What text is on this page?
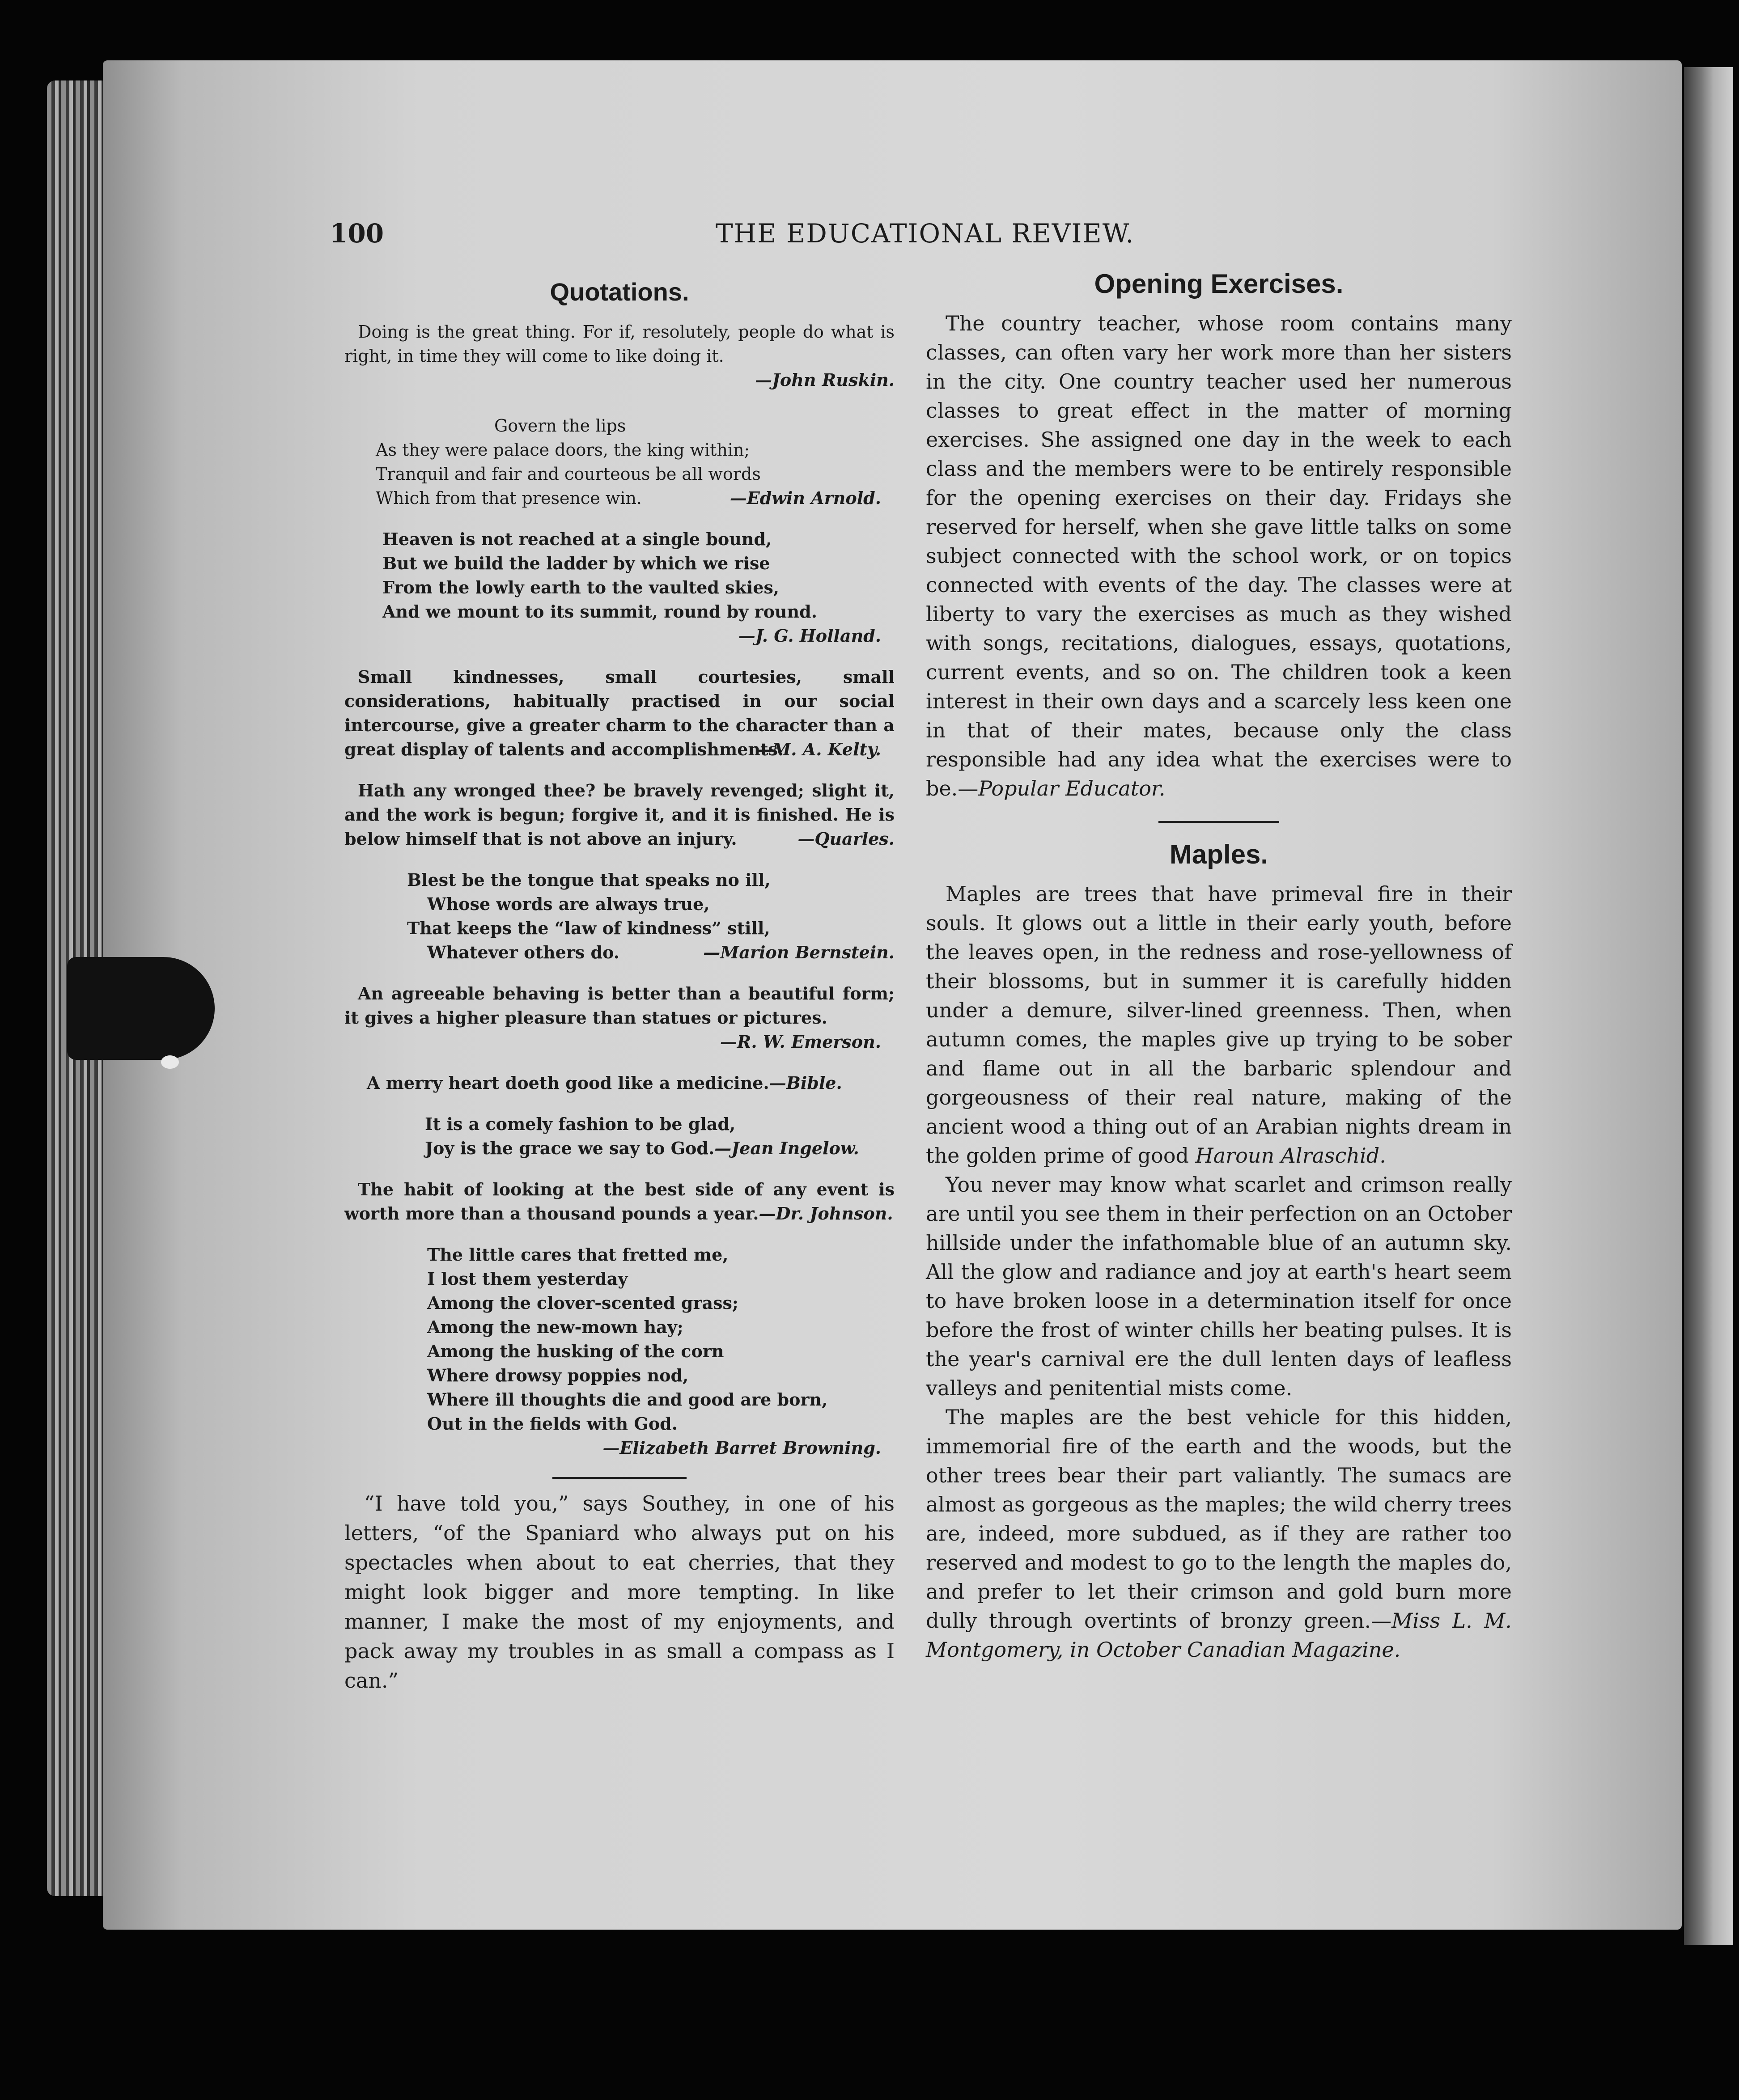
100	THE EDUCATIONAL REVIEW.
Quotations.

Doing is the great thing. For if, resolutely, people do what is right, in time they will come to like doing it.

—John Ruskin.
Govern the lips
As they were palace doors, the king within;
Tranquil and fair and courteous be all words
Which from that presence win.	—Edwin Arnold.
Heaven is not reached at a single bound,
But we build the ladder by which we rise
From the lowly earth to the vaulted skies,
And we mount to its summit, round by round.
—J. G. Holland.

Small kindnesses, small courtesies, small considerations, habitually practised in our social intercourse, give a greater charm to the character than a great display of talents and accomplishments.

—M. A. Kelty.

Hath any wronged thee? be bravely revenged; slight it, and the work is begun; forgive it, and it is finished. He is below himself that is not above an injury.	—Quarles.
Blest be the tongue that speaks no ill,
Whose words are always true,
That keeps the “law of kindness” still,
Whatever others do.	—Marion Bernstein.

An agreeable behaving is better than a beautiful form; it gives a higher pleasure than statues or pictures.

—R. W. Emerson.
A merry heart doeth good like a medicine.—Bible.
It is a comely fashion to be glad,
Joy is the grace we say to God.—Jean Ingelow.

The habit of looking at the best side of any event is worth more than a thousand pounds a year.—Dr. Johnson.

The little cares that fretted me,
I lost them yesterday
Among the clover-scented grass;
Among the new-mown hay;
Among the husking of the corn
Where drowsy poppies nod,
Where ill thoughts die and good are born,
Out in the fields with God.
—Elizabeth Barret Browning.

“I have told you,” says Southey, in one of his letters, “of the Spaniard who always put on his spectacles when about to eat cherries, that they might look bigger and more tempting. In like manner, I make the most of my enjoyments, and pack away my troubles in as small a compass as I can.”

Opening Exercises.

The country teacher, whose room contains many classes, can often vary her work more than her sisters in the city. One country teacher used her numerous classes to great effect in the matter of morning exercises. She assigned one day in the week to each class and the members were to be entirely responsible for the opening exercises on their day. Fridays she reserved for herself, when she gave little talks on some subject connected with the school work, or on topics connected with events of the day. The classes were at liberty to vary the exercises as much as they wished with songs, recitations, dialogues, essays, quotations, current events, and so on. The children took a keen interest in their own days and a scarcely less keen one in that of their mates, because only the class responsible had any idea what the exercises were to be.—Popular Educator.

Maples.

Maples are trees that have primeval fire in their souls. It glows out a little in their early youth, before the leaves open, in the redness and rose-yellowness of their blossoms, but in summer it is carefully hidden under a demure, silver-lined greenness. Then, when autumn comes, the maples give up trying to be sober and flame out in all the barbaric splendour and gorgeousness of their real nature, making of the ancient wood a thing out of an Arabian nights dream in the golden prime of good Haroun Alraschid.

You never may know what scarlet and crimson really are until you see them in their perfection on an October hillside under the infathomable blue of an autumn sky. All the glow and radiance and joy at earth's heart seem to have broken loose in a determination itself for once before the frost of winter chills her beating pulses. It is the year's carnival ere the dull lenten days of leafless valleys and penitential mists come.

The maples are the best vehicle for this hidden, immemorial fire of the earth and the woods, but the other trees bear their part valiantly. The sumacs are almost as gorgeous as the maples; the wild cherry trees are, indeed, more subdued, as if they are rather too reserved and modest to go to the length the maples do, and prefer to let their crimson and gold burn more dully through overtints of bronzy green.—Miss L. M. Montgomery, in October Canadian Magazine.
